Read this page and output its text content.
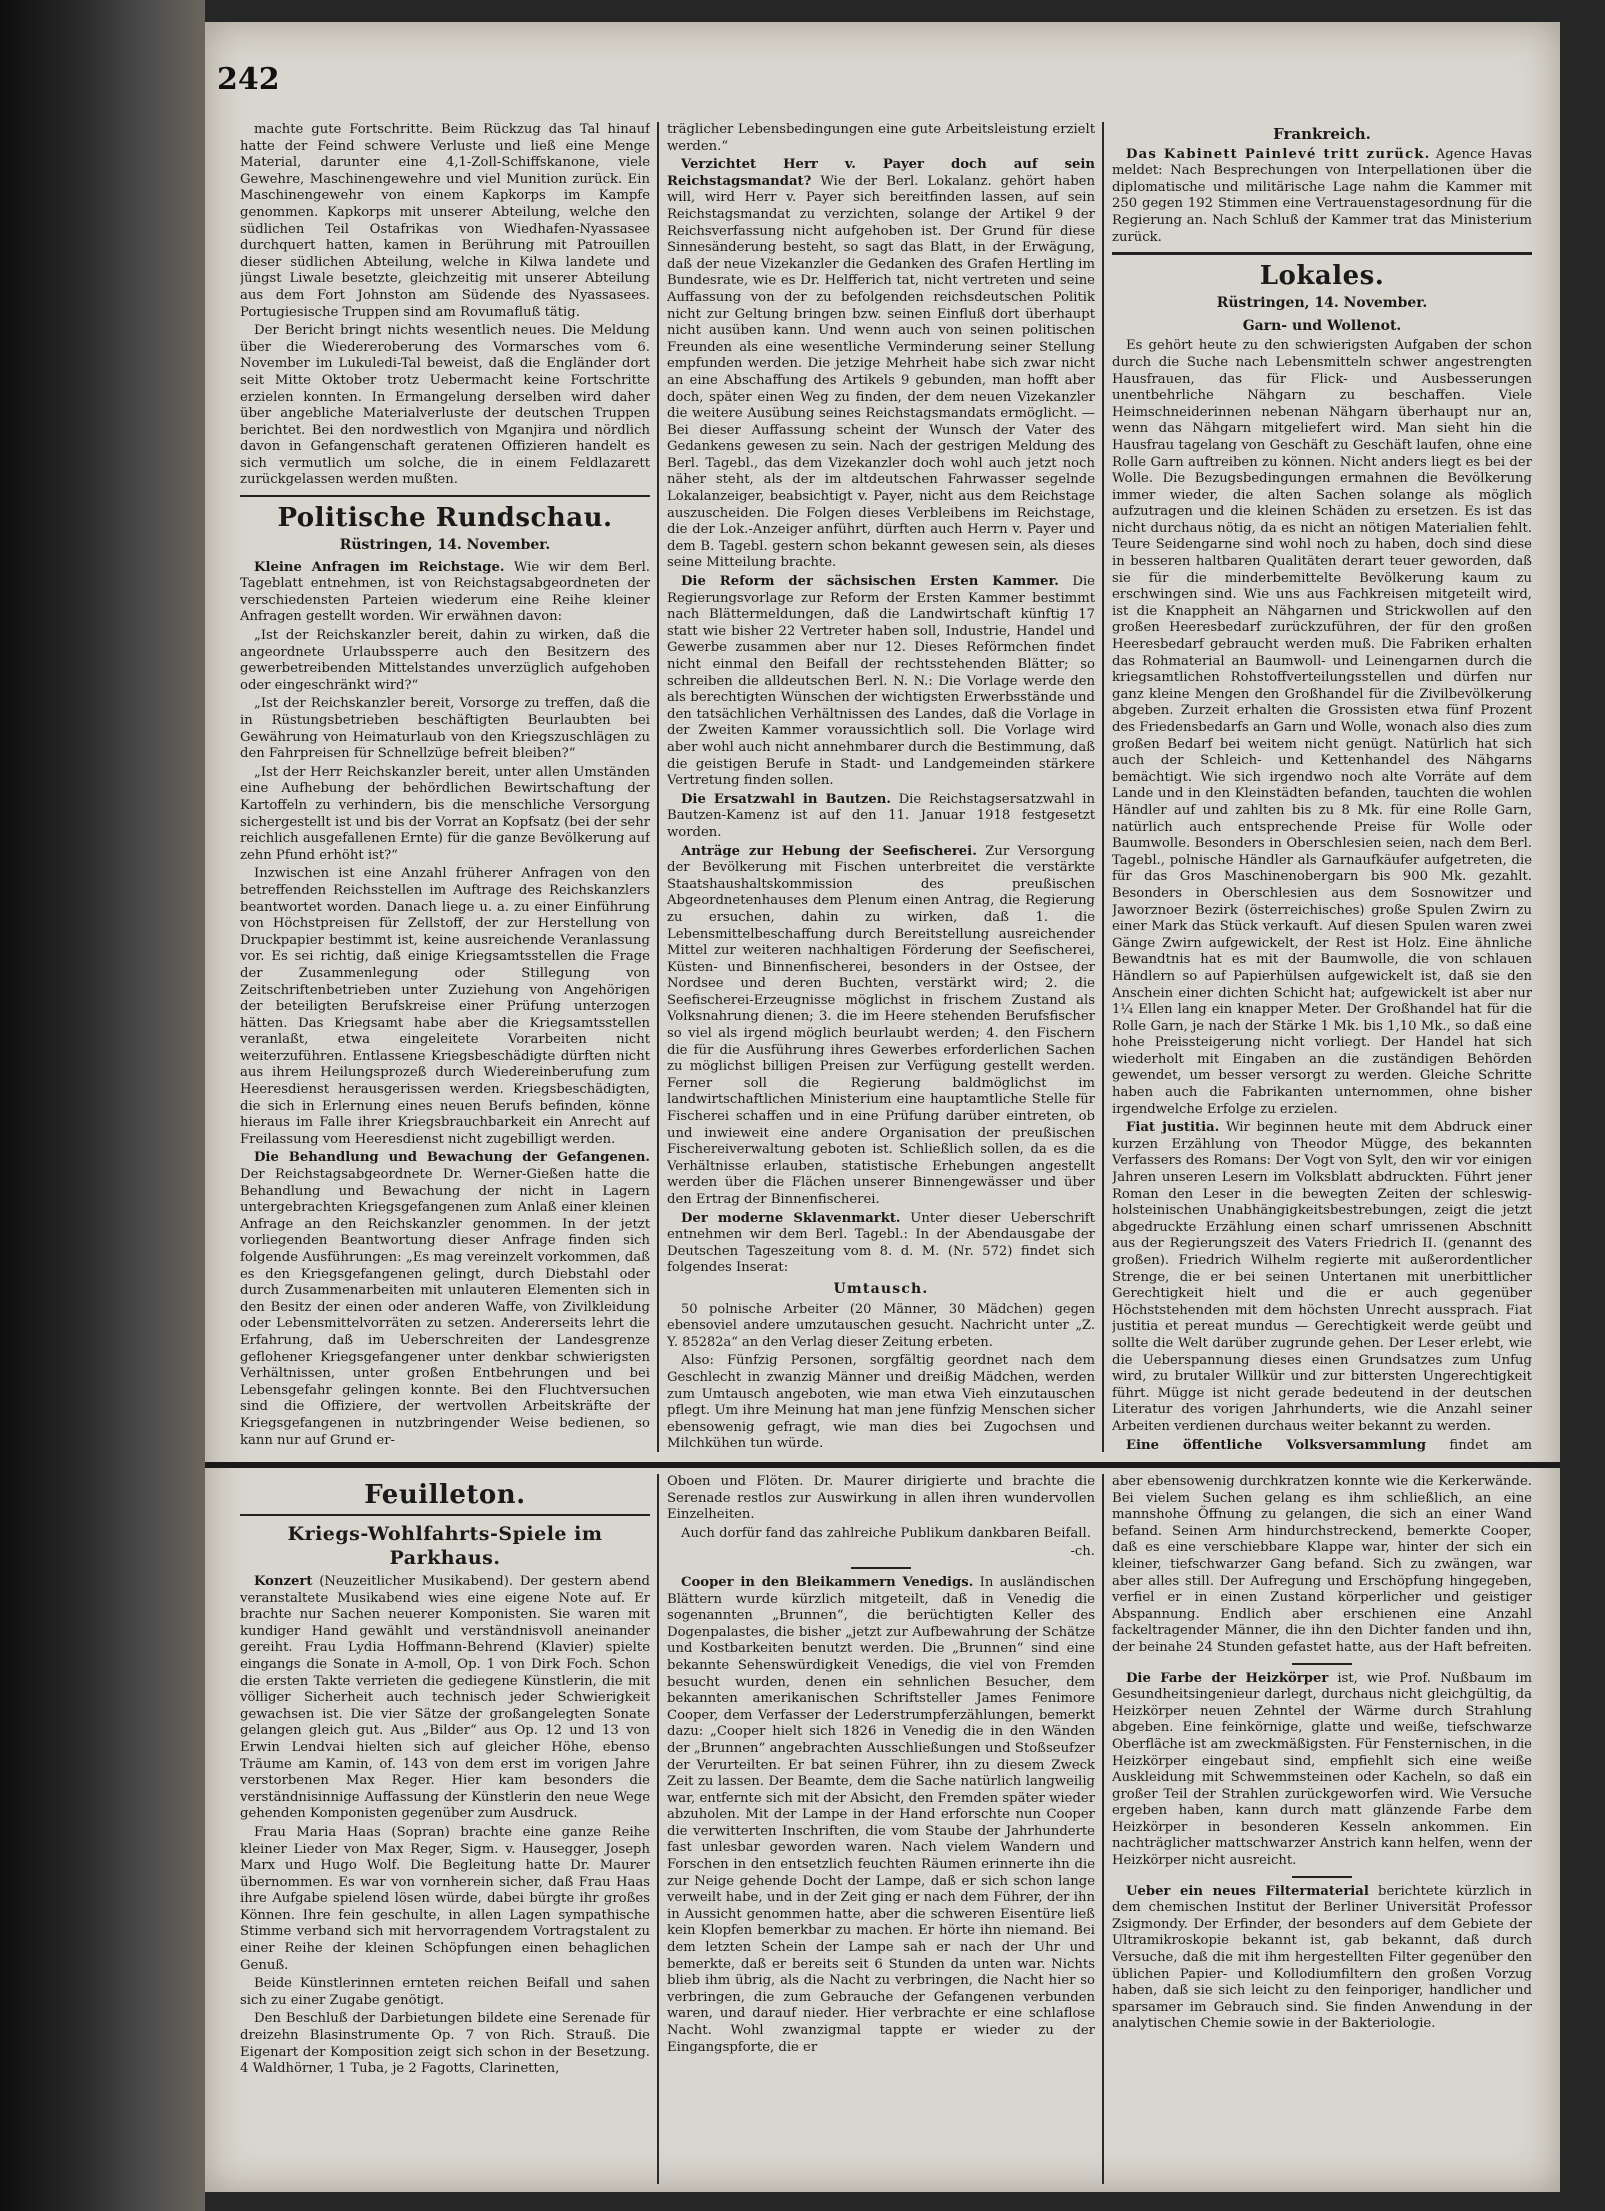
242

machte gute Fortschritte. Beim Rückzug das Tal hinauf hatte der Feind schwere Verluste und ließ eine Menge Material, darunter eine 4,1-Zoll-Schiffskanone, viele Gewehre, Maschinengewehre und viel Munition zurück. Ein Maschinengewehr von einem Kapkorps im Kampfe genommen. Kapkorps mit unserer Abteilung, welche den südlichen Teil Ostafrikas von Wiedhafen-Nyassasee durchquert hatten, kamen in Berührung mit Patrouillen dieser südlichen Abteilung, welche in Kilwa landete und jüngst Liwale besetzte, gleichzeitig mit unserer Abteilung aus dem Fort Johnston am Südende des Nyassasees. Portugiesische Truppen sind am Rovumafluß tätig.

Der Bericht bringt nichts wesentlich neues. Die Meldung über die Wiedereroberung des Vormarsches vom 6. November im Lukuledi-Tal beweist, daß die Engländer dort seit Mitte Oktober trotz Uebermacht keine Fortschritte erzielen konnten. In Ermangelung derselben wird daher über angebliche Materialverluste der deutschen Truppen berichtet. Bei den nordwestlich von Mganjira und nördlich davon in Gefangenschaft geratenen Offizieren handelt es sich vermutlich um solche, die in einem Feldlazarett zurückgelassen werden mußten.

Politische Rundschau.
Rüstringen, 14. November.

Kleine Anfragen im Reichstage. Wie wir dem Berl. Tageblatt entnehmen, ist von Reichstagsabgeordneten der verschiedensten Parteien wiederum eine Reihe kleiner Anfragen gestellt worden. Wir erwähnen davon:

„Ist der Reichskanzler bereit, dahin zu wirken, daß die angeordnete Urlaubssperre auch den Besitzern des gewerbetreibenden Mittelstandes unverzüglich aufgehoben oder eingeschränkt wird?“

„Ist der Reichskanzler bereit, Vorsorge zu treffen, daß die in Rüstungsbetrieben beschäftigten Beurlaubten bei Gewährung von Heimaturlaub von den Kriegszuschlägen zu den Fahrpreisen für Schnellzüge befreit bleiben?“

„Ist der Herr Reichskanzler bereit, unter allen Umständen eine Aufhebung der behördlichen Bewirtschaftung der Kartoffeln zu verhindern, bis die menschliche Versorgung sichergestellt ist und bis der Vorrat an Kopfsatz (bei der sehr reichlich ausgefallenen Ernte) für die ganze Bevölkerung auf zehn Pfund erhöht ist?“

Inzwischen ist eine Anzahl früherer Anfragen von den betreffenden Reichsstellen im Auftrage des Reichskanzlers beantwortet worden. Danach liege u. a. zu einer Einführung von Höchstpreisen für Zellstoff, der zur Herstellung von Druckpapier bestimmt ist, keine ausreichende Veranlassung vor. Es sei richtig, daß einige Kriegsamtsstellen die Frage der Zusammenlegung oder Stillegung von Zeitschriftenbetrieben unter Zuziehung von Angehörigen der beteiligten Berufskreise einer Prüfung unterzogen hätten. Das Kriegsamt habe aber die Kriegsamtsstellen veranlaßt, etwa eingeleitete Vorarbeiten nicht weiterzuführen. Entlassene Kriegsbeschädigte dürften nicht aus ihrem Heilungsprozeß durch Wiedereinberufung zum Heeresdienst herausgerissen werden. Kriegsbeschädigten, die sich in Erlernung eines neuen Berufs befinden, könne hieraus im Falle ihrer Kriegsbrauchbarkeit ein Anrecht auf Freilassung vom Heeresdienst nicht zugebilligt werden.

Die Behandlung und Bewachung der Gefangenen. Der Reichstagsabgeordnete Dr. Werner-Gießen hatte die Behandlung und Bewachung der nicht in Lagern untergebrachten Kriegsgefangenen zum Anlaß einer kleinen Anfrage an den Reichskanzler genommen. In der jetzt vorliegenden Beantwortung dieser Anfrage finden sich folgende Ausführungen: „Es mag vereinzelt vorkommen, daß es den Kriegsgefangenen gelingt, durch Diebstahl oder durch Zusammenarbeiten mit unlauteren Elementen sich in den Besitz der einen oder anderen Waffe, von Zivilkleidung oder Lebensmittelvorräten zu setzen. Andererseits lehrt die Erfahrung, daß im Ueberschreiten der Landesgrenze geflohener Kriegsgefangener unter denkbar schwierigsten Verhältnissen, unter großen Entbehrungen und bei Lebensgefahr gelingen konnte. Bei den Fluchtversuchen sind die Offiziere, der wertvollen Arbeitskräfte der Kriegsgefangenen in nutzbringender Weise bedienen, so kann nur auf Grund er-

träglicher Lebensbedingungen eine gute Arbeitsleistung erzielt werden.“

Verzichtet Herr v. Payer doch auf sein Reichstagsmandat? Wie der Berl. Lokalanz. gehört haben will, wird Herr v. Payer sich bereitfinden lassen, auf sein Reichstagsmandat zu verzichten, solange der Artikel 9 der Reichsverfassung nicht aufgehoben ist. Der Grund für diese Sinnesänderung besteht, so sagt das Blatt, in der Erwägung, daß der neue Vizekanzler die Gedanken des Grafen Hertling im Bundesrate, wie es Dr. Helfferich tat, nicht vertreten und seine Auffassung von der zu befolgenden reichsdeutschen Politik nicht zur Geltung bringen bzw. seinen Einfluß dort überhaupt nicht ausüben kann. Und wenn auch von seinen politischen Freunden als eine wesentliche Verminderung seiner Stellung empfunden werden. Die jetzige Mehrheit habe sich zwar nicht an eine Abschaffung des Artikels 9 gebunden, man hofft aber doch, später einen Weg zu finden, der dem neuen Vizekanzler die weitere Ausübung seines Reichstagsmandats ermöglicht. — Bei dieser Auffassung scheint der Wunsch der Vater des Gedankens gewesen zu sein. Nach der gestrigen Meldung des Berl. Tagebl., das dem Vizekanzler doch wohl auch jetzt noch näher steht, als der im altdeutschen Fahrwasser segelnde Lokalanzeiger, beabsichtigt v. Payer, nicht aus dem Reichstage auszuscheiden. Die Folgen dieses Verbleibens im Reichstage, die der Lok.-Anzeiger anführt, dürften auch Herrn v. Payer und dem B. Tagebl. gestern schon bekannt gewesen sein, als dieses seine Mitteilung brachte.

Die Reform der sächsischen Ersten Kammer. Die Regierungsvorlage zur Reform der Ersten Kammer bestimmt nach Blättermeldungen, daß die Landwirtschaft künftig 17 statt wie bisher 22 Vertreter haben soll, Industrie, Handel und Gewerbe zusammen aber nur 12. Dieses Reförmchen findet nicht einmal den Beifall der rechtsstehenden Blätter; so schreiben die alldeutschen Berl. N. N.: Die Vorlage werde den als berechtigten Wünschen der wichtigsten Erwerbsstände und den tatsächlichen Verhältnissen des Landes, daß die Vorlage in der Zweiten Kammer voraussichtlich soll. Die Vorlage wird aber wohl auch nicht annehmbarer durch die Bestimmung, daß die geistigen Berufe in Stadt- und Landgemeinden stärkere Vertretung finden sollen.

Die Ersatzwahl in Bautzen. Die Reichstagsersatzwahl in Bautzen-Kamenz ist auf den 11. Januar 1918 festgesetzt worden.

Anträge zur Hebung der Seefischerei. Zur Versorgung der Bevölkerung mit Fischen unterbreitet die verstärkte Staatshaushaltskommission des preußischen Abgeordnetenhauses dem Plenum einen Antrag, die Regierung zu ersuchen, dahin zu wirken, daß 1. die Lebensmittelbeschaffung durch Bereitstellung ausreichender Mittel zur weiteren nachhaltigen Förderung der Seefischerei, Küsten- und Binnenfischerei, besonders in der Ostsee, der Nordsee und deren Buchten, verstärkt wird; 2. die Seefischerei-Erzeugnisse möglichst in frischem Zustand als Volksnahrung dienen; 3. die im Heere stehenden Berufsfischer so viel als irgend möglich beurlaubt werden; 4. den Fischern die für die Ausführung ihres Gewerbes erforderlichen Sachen zu möglichst billigen Preisen zur Verfügung gestellt werden. Ferner soll die Regierung baldmöglichst im landwirtschaftlichen Ministerium eine hauptamtliche Stelle für Fischerei schaffen und in eine Prüfung darüber eintreten, ob und inwieweit eine andere Organisation der preußischen Fischereiverwaltung geboten ist. Schließlich sollen, da es die Verhältnisse erlauben, statistische Erhebungen angestellt werden über die Flächen unserer Binnengewässer und über den Ertrag der Binnenfischerei.

Der moderne Sklavenmarkt. Unter dieser Ueberschrift entnehmen wir dem Berl. Tagebl.: In der Abendausgabe der Deutschen Tageszeitung vom 8. d. M. (Nr. 572) findet sich folgendes Inserat:

Umtausch.

50 polnische Arbeiter (20 Männer, 30 Mädchen) gegen ebensoviel andere umzutauschen gesucht. Nachricht unter „Z. Y. 85282a“ an den Verlag dieser Zeitung erbeten.

Also: Fünfzig Personen, sorgfältig geordnet nach dem Geschlecht in zwanzig Männer und dreißig Mädchen, werden zum Umtausch angeboten, wie man etwa Vieh einzutauschen pflegt. Um ihre Meinung hat man jene fünfzig Menschen sicher ebensowenig gefragt, wie man dies bei Zugochsen und Milchkühen tun würde.

Frankreich.

Das Kabinett Painlevé tritt zurück. Agence Havas meldet: Nach Besprechungen von Interpellationen über die diplomatische und militärische Lage nahm die Kammer mit 250 gegen 192 Stimmen eine Vertrauenstagesordnung für die Regierung an. Nach Schluß der Kammer trat das Ministerium zurück.

Lokales.
Rüstringen, 14. November.
Garn- und Wollenot.

Es gehört heute zu den schwierigsten Aufgaben der schon durch die Suche nach Lebensmitteln schwer angestrengten Hausfrauen, das für Flick- und Ausbesserungen unentbehrliche Nähgarn zu beschaffen. Viele Heimschneiderinnen nebenan Nähgarn überhaupt nur an, wenn das Nähgarn mitgeliefert wird. Man sieht hin die Hausfrau tagelang von Geschäft zu Geschäft laufen, ohne eine Rolle Garn auftreiben zu können. Nicht anders liegt es bei der Wolle. Die Bezugsbedingungen ermahnen die Bevölkerung immer wieder, die alten Sachen solange als möglich aufzutragen und die kleinen Schäden zu ersetzen. Es ist das nicht durchaus nötig, da es nicht an nötigen Materialien fehlt. Teure Seidengarne sind wohl noch zu haben, doch sind diese in besseren haltbaren Qualitäten derart teuer geworden, daß sie für die minderbemittelte Bevölkerung kaum zu erschwingen sind. Wie uns aus Fachkreisen mitgeteilt wird, ist die Knappheit an Nähgarnen und Strickwollen auf den großen Heeresbedarf zurückzuführen, der für den großen Heeresbedarf gebraucht werden muß. Die Fabriken erhalten das Rohmaterial an Baumwoll- und Leinengarnen durch die kriegsamtlichen Rohstoffverteilungsstellen und dürfen nur ganz kleine Mengen den Großhandel für die Zivilbevölkerung abgeben. Zurzeit erhalten die Grossisten etwa fünf Prozent des Friedensbedarfs an Garn und Wolle, wonach also dies zum großen Bedarf bei weitem nicht genügt. Natürlich hat sich auch der Schleich- und Kettenhandel des Nähgarns bemächtigt. Wie sich irgendwo noch alte Vorräte auf dem Lande und in den Kleinstädten befanden, tauchten die wohlen Händler auf und zahlten bis zu 8 Mk. für eine Rolle Garn, natürlich auch entsprechende Preise für Wolle oder Baumwolle. Besonders in Oberschlesien seien, nach dem Berl. Tagebl., polnische Händler als Garnaufkäufer aufgetreten, die für das Gros Maschinenobergarn bis 900 Mk. gezahlt. Besonders in Oberschlesien aus dem Sosnowitzer und Jaworznoer Bezirk (österreichisches) große Spulen Zwirn zu einer Mark das Stück verkauft. Auf diesen Spulen waren zwei Gänge Zwirn aufgewickelt, der Rest ist Holz. Eine ähnliche Bewandtnis hat es mit der Baumwolle, die von schlauen Händlern so auf Papierhülsen aufgewickelt ist, daß sie den Anschein einer dichten Schicht hat; aufgewickelt ist aber nur 1¼ Ellen lang ein knapper Meter. Der Großhandel hat für die Rolle Garn, je nach der Stärke 1 Mk. bis 1,10 Mk., so daß eine hohe Preissteigerung nicht vorliegt. Der Handel hat sich wiederholt mit Eingaben an die zuständigen Behörden gewendet, um besser versorgt zu werden. Gleiche Schritte haben auch die Fabrikanten unternommen, ohne bisher irgendwelche Erfolge zu erzielen.

Fiat justitia. Wir beginnen heute mit dem Abdruck einer kurzen Erzählung von Theodor Mügge, des bekannten Verfassers des Romans: Der Vogt von Sylt, den wir vor einigen Jahren unseren Lesern im Volksblatt abdruckten. Führt jener Roman den Leser in die bewegten Zeiten der schleswig-holsteinischen Unabhängigkeitsbestrebungen, zeigt die jetzt abgedruckte Erzählung einen scharf umrissenen Abschnitt aus der Regierungszeit des Vaters Friedrich II. (genannt des großen). Friedrich Wilhelm regierte mit außerordentlicher Strenge, die er bei seinen Untertanen mit unerbittlicher Gerechtigkeit hielt und die er auch gegenüber Höchststehenden mit dem höchsten Unrecht aussprach. Fiat justitia et pereat mundus — Gerechtigkeit werde geübt und sollte die Welt darüber zugrunde gehen. Der Leser erlebt, wie die Ueberspannung dieses einen Grundsatzes zum Unfug wird, zu brutaler Willkür und zur bittersten Ungerechtigkeit führt. Mügge ist nicht gerade bedeutend in der deutschen Literatur des vorigen Jahrhunderts, wie die Anzahl seiner Arbeiten verdienen durchaus weiter bekannt zu werden.

Eine öffentliche Volksversammlung findet am

Feuilleton.
Kriegs-Wohlfahrts-Spiele im Parkhaus.

Konzert (Neuzeitlicher Musikabend). Der gestern abend veranstaltete Musikabend wies eine eigene Note auf. Er brachte nur Sachen neuerer Komponisten. Sie waren mit kundiger Hand gewählt und verständnisvoll aneinander gereiht. Frau Lydia Hoffmann-Behrend (Klavier) spielte eingangs die Sonate in A-moll, Op. 1 von Dirk Foch. Schon die ersten Takte verrieten die gediegene Künstlerin, die mit völliger Sicherheit auch technisch jeder Schwierigkeit gewachsen ist. Die vier Sätze der großangelegten Sonate gelangen gleich gut. Aus „Bilder“ aus Op. 12 und 13 von Erwin Lendvai hielten sich auf gleicher Höhe, ebenso Träume am Kamin, of. 143 von dem erst im vorigen Jahre verstorbenen Max Reger. Hier kam besonders die verständnisinnige Auffassung der Künstlerin den neue Wege gehenden Komponisten gegenüber zum Ausdruck.

Frau Maria Haas (Sopran) brachte eine ganze Reihe kleiner Lieder von Max Reger, Sigm. v. Hausegger, Joseph Marx und Hugo Wolf. Die Begleitung hatte Dr. Maurer übernommen. Es war von vornherein sicher, daß Frau Haas ihre Aufgabe spielend lösen würde, dabei bürgte ihr großes Können. Ihre fein geschulte, in allen Lagen sympathische Stimme verband sich mit hervorragendem Vortragstalent zu einer Reihe der kleinen Schöpfungen einen behaglichen Genuß.

Beide Künstlerinnen ernteten reichen Beifall und sahen sich zu einer Zugabe genötigt.

Den Beschluß der Darbietungen bildete eine Serenade für dreizehn Blasinstrumente Op. 7 von Rich. Strauß. Die Eigenart der Komposition zeigt sich schon in der Besetzung. 4 Waldhörner, 1 Tuba, je 2 Fagotts, Clarinetten,

Oboen und Flöten. Dr. Maurer dirigierte und brachte die Serenade restlos zur Auswirkung in allen ihren wundervollen Einzelheiten.

Auch dorfür fand das zahlreiche Publikum dankbaren Beifall.

-ch.

Cooper in den Bleikammern Venedigs. In ausländischen Blättern wurde kürzlich mitgeteilt, daß in Venedig die sogenannten „Brunnen“, die berüchtigten Keller des Dogenpalastes, die bisher „jetzt zur Aufbewahrung der Schätze und Kostbarkeiten benutzt werden. Die „Brunnen“ sind eine bekannte Sehenswürdigkeit Venedigs, die viel von Fremden besucht wurden, denen ein sehnlichen Besucher, dem bekannten amerikanischen Schriftsteller James Fenimore Cooper, dem Verfasser der Lederstrumpferzählungen, bemerkt dazu: „Cooper hielt sich 1826 in Venedig die in den Wänden der „Brunnen“ angebrachten Ausschließungen und Stoßseufzer der Verurteilten. Er bat seinen Führer, ihn zu diesem Zweck Zeit zu lassen. Der Beamte, dem die Sache natürlich langweilig war, entfernte sich mit der Absicht, den Fremden später wieder abzuholen. Mit der Lampe in der Hand erforschte nun Cooper die verwitterten Inschriften, die vom Staube der Jahrhunderte fast unlesbar geworden waren. Nach vielem Wandern und Forschen in den entsetzlich feuchten Räumen erinnerte ihn die zur Neige gehende Docht der Lampe, daß er sich schon lange verweilt habe, und in der Zeit ging er nach dem Führer, der ihn in Aussicht genommen hatte, aber die schweren Eisentüre ließ kein Klopfen bemerkbar zu machen. Er hörte ihn niemand. Bei dem letzten Schein der Lampe sah er nach der Uhr und bemerkte, daß er bereits seit 6 Stunden da unten war. Nichts blieb ihm übrig, als die Nacht zu verbringen, die Nacht hier so verbringen, die zum Gebrauche der Gefangenen verbunden waren, und darauf nieder. Hier verbrachte er eine schlaflose Nacht. Wohl zwanzigmal tappte er wieder zu der Eingangspforte, die er

aber ebensowenig durchkratzen konnte wie die Kerkerwände. Bei vielem Suchen gelang es ihm schließlich, an eine mannshohe Öffnung zu gelangen, die sich an einer Wand befand. Seinen Arm hindurchstreckend, bemerkte Cooper, daß es eine verschiebbare Klappe war, hinter der sich ein kleiner, tiefschwarzer Gang befand. Sich zu zwängen, war aber alles still. Der Aufregung und Erschöpfung hingegeben, verfiel er in einen Zustand körperlicher und geistiger Abspannung. Endlich aber erschienen eine Anzahl fackeltragender Männer, die ihn den Dichter fanden und ihn, der beinahe 24 Stunden gefastet hatte, aus der Haft befreiten.

Die Farbe der Heizkörper ist, wie Prof. Nußbaum im Gesundheitsingenieur darlegt, durchaus nicht gleichgültig, da Heizkörper neuen Zehntel der Wärme durch Strahlung abgeben. Eine feinkörnige, glatte und weiße, tiefschwarze Oberfläche ist am zweckmäßigsten. Für Fensternischen, in die Heizkörper eingebaut sind, empfiehlt sich eine weiße Auskleidung mit Schwemmsteinen oder Kacheln, so daß ein großer Teil der Strahlen zurückgeworfen wird. Wie Versuche ergeben haben, kann durch matt glänzende Farbe dem Heizkörper in besonderen Kesseln ankommen. Ein nachträglicher mattschwarzer Anstrich kann helfen, wenn der Heizkörper nicht ausreicht.

Ueber ein neues Filtermaterial berichtete kürzlich in dem chemischen Institut der Berliner Universität Professor Zsigmondy. Der Erfinder, der besonders auf dem Gebiete der Ultramikroskopie bekannt ist, gab bekannt, daß durch Versuche, daß die mit ihm hergestellten Filter gegenüber den üblichen Papier- und Kollodiumfiltern den großen Vorzug haben, daß sie sich leicht zu den feinporiger, handlicher und sparsamer im Gebrauch sind. Sie finden Anwendung in der analytischen Chemie sowie in der Bakteriologie.
